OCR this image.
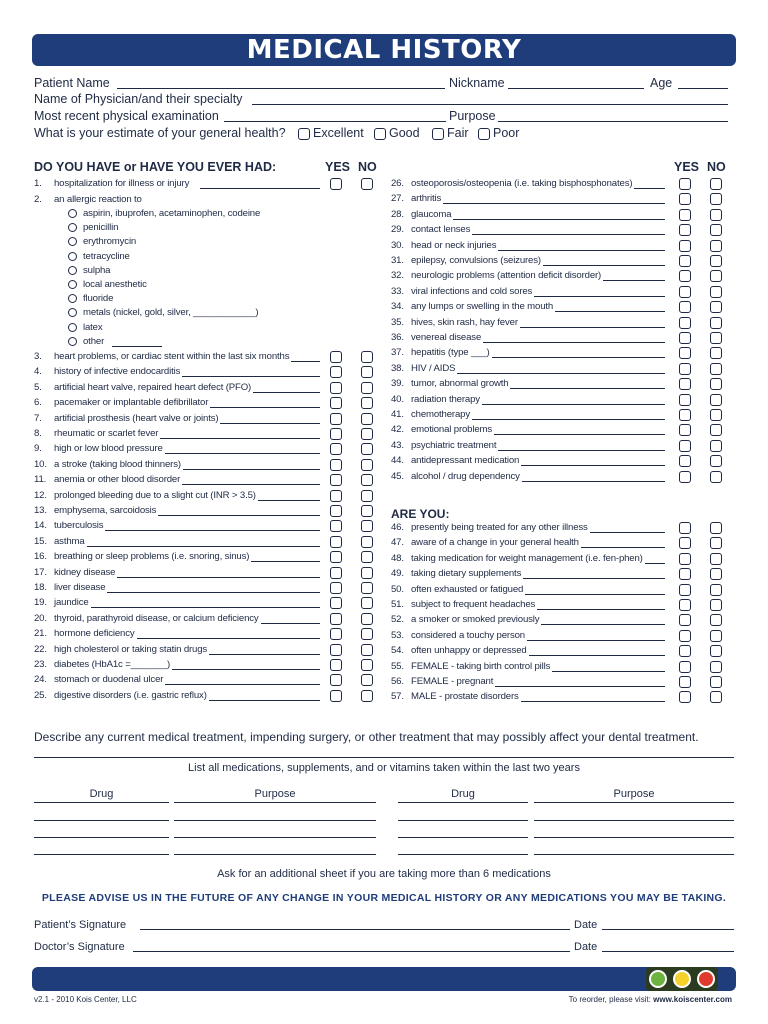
MEDICAL HISTORY
Patient Name	Nickname	Age
Name of Physician/and their specialty
Most recent physical examination	Purpose
What is your estimate of your general health? Excellent Good Fair Poor
DO YOU HAVE or HAVE YOU EVER HAD:	YES NO	YES NO
1. hospitalization for illness or injury
2. an allergic reaction to
aspirin, ibuprofen, acetaminophen, codeine
penicillin
erythromycin
tetracycline
sulpha
local anesthetic
fluoride
metals (nickel, gold, silver, ____________)
latex
other
3. heart problems, or cardiac stent within the last six months
4. history of infective endocarditis
5. artificial heart valve, repaired heart defect (PFO)
6. pacemaker or implantable defibrillator
7. artificial prosthesis (heart valve or joints)
8. rheumatic or scarlet fever
9. high or low blood pressure
10. a stroke (taking blood thinners)
11. anemia or other blood disorder
12. prolonged bleeding due to a slight cut (INR > 3.5)
13. emphysema, sarcoidosis
14. tuberculosis
15. asthma
16. breathing or sleep problems (i.e. snoring, sinus)
17. kidney disease
18. liver disease
19. jaundice
20. thyroid, parathyroid disease, or calcium deficiency
21. hormone deficiency
22. high cholesterol or taking statin drugs
23. diabetes (HbA1c =_______)
24. stomach or duodenal ulcer
25. digestive disorders (i.e. gastric reflux)
26. osteoporosis/osteopenia (i.e. taking bisphosphonates)
27. arthritis
28. glaucoma
29. contact lenses
30. head or neck injuries
31. epilepsy, convulsions (seizures)
32. neurologic problems (attention deficit disorder)
33. viral infections and cold sores
34. any lumps or swelling in the mouth
35. hives, skin rash, hay fever
36. venereal disease
37. hepatitis (type ___)
38. HIV / AIDS
39. tumor, abnormal growth
40. radiation therapy
41. chemotherapy
42. emotional problems
43. psychiatric treatment
44. antidepressant medication
45. alcohol / drug dependency
ARE YOU:
46. presently being treated for any other illness
47. aware of a change in your general health
48. taking medication for weight management (i.e. fen-phen)
49. taking dietary supplements
50. often exhausted or fatigued
51. subject to frequent headaches
52. a smoker or smoked previously
53. considered a touchy person
54. often unhappy or depressed
55. FEMALE - taking birth control pills
56. FEMALE - pregnant
57. MALE - prostate disorders
Describe any current medical treatment, impending surgery, or other treatment that may possibly affect your dental treatment.
List all medications, supplements, and or vitamins taken within the last two years
Drug	Purpose	Drug	Purpose
Ask for an additional sheet if you are taking more than 6 medications
PLEASE ADVISE US IN THE FUTURE OF ANY CHANGE IN YOUR MEDICAL HISTORY OR ANY MEDICATIONS YOU MAY BE TAKING.
Patient’s Signature	Date
Doctor’s Signature	Date
v2.1 - 2010 Kois Center, LLC	To reorder, please visit: www.koiscenter.com
